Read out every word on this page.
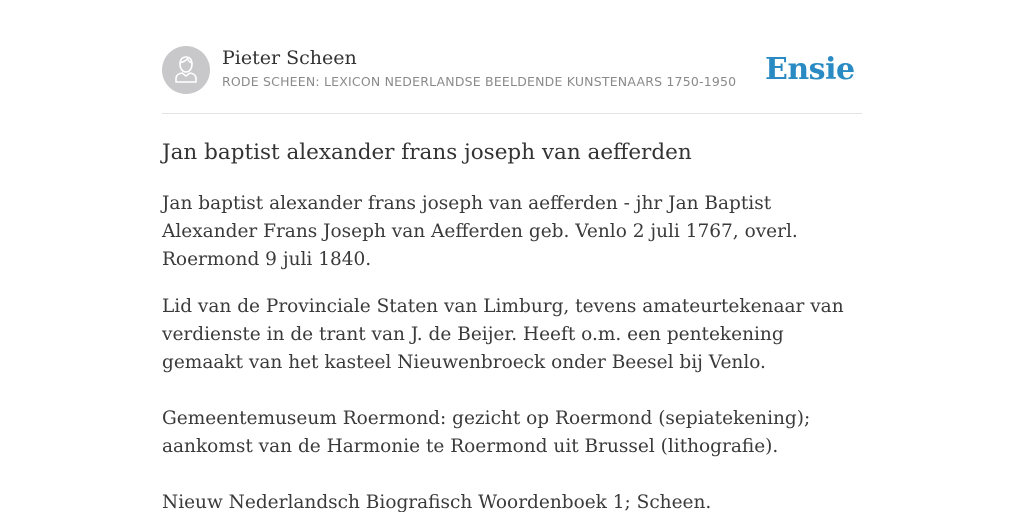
Pieter Scheen
RODE SCHEEN: LEXICON NEDERLANDSE BEELDENDE KUNSTENAARS 1750-1950 Ensie
Jan baptist alexander frans joseph van aefferden

Jan baptist alexander frans joseph van aefferden - jhr Jan Baptist Alexander Frans Joseph van Aefferden geb. Venlo 2 juli 1767, overl. Roermond 9 juli 1840.

Lid van de Provinciale Staten van Limburg, tevens amateurtekenaar van verdienste in de trant van J. de Beijer. Heeft o.m. een pentekening gemaakt van het kasteel Nieuwenbroeck onder Beesel bij Venlo.

Gemeentemuseum Roermond: gezicht op Roermond (sepiatekening); aankomst van de Harmonie te Roermond uit Brussel (lithografie).

Nieuw Nederlandsch Biografisch Woordenboek 1; Scheen.
